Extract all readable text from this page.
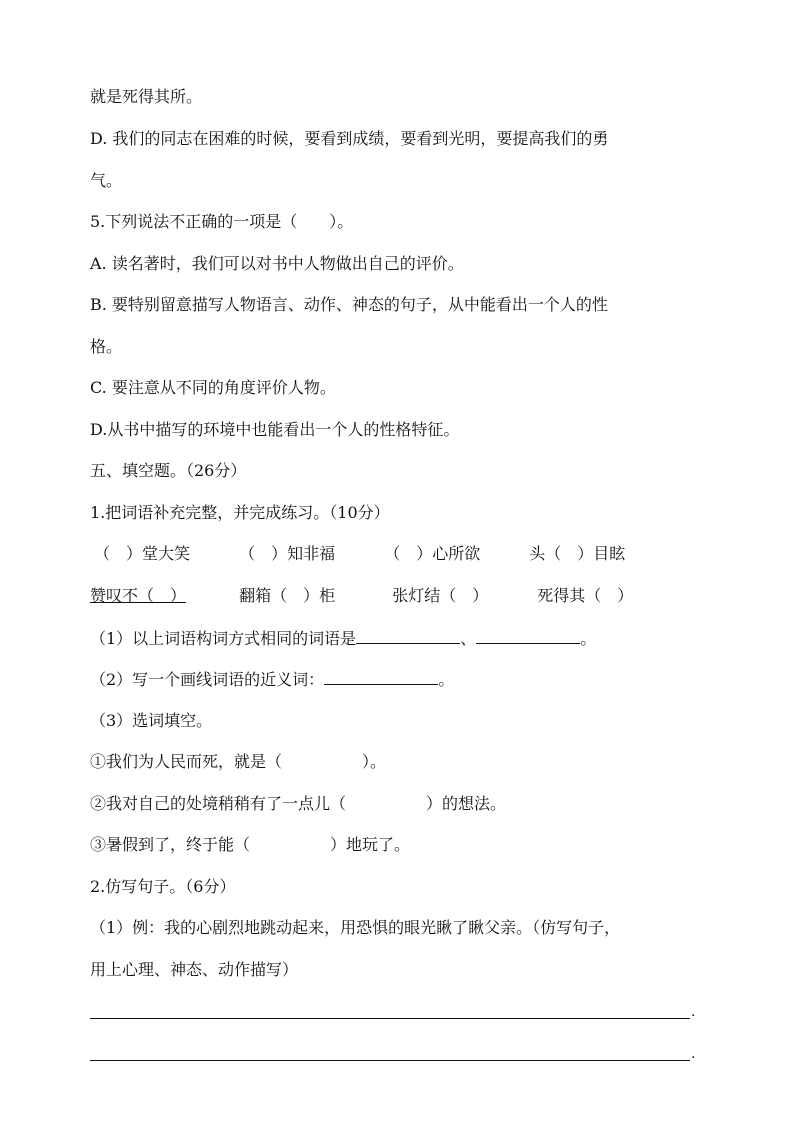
就是死得其所。
D. 我们的同志在困难的时候，要看到成绩，要看到光明，要提高我们的勇
气。
5.下列说法不正确的一项是（　　）。
A. 读名著时，我们可以对书中人物做出自己的评价。
B. 要特别留意描写人物语言、动作、神态的句子，从中能看出一个人的性
格。
C. 要注意从不同的角度评价人物。
D.从书中描写的环境中也能看出一个人的性格特征。
五、填空题。（26分）
1.把词语补充完整，并完成练习。（10分）
（　）堂大笑	（　）知非福	（　）心所欲	头（　）目眩
赞叹不（　）	翻箱（　）柜	张灯结（　）	死得其（　）
（1）以上词语构词方式相同的词语是	、	。
（2）写一个画线词语的近义词：	。
（3）选词填空。
①我们为人民而死，就是（　　　　　）。
②我对自己的处境稍稍有了一点儿（　　　　　）的想法。
③暑假到了，终于能（　　　　　）地玩了。
2.仿写句子。（6分）
（1）例：我的心剧烈地跳动起来，用恐惧的眼光瞅了瞅父亲。（仿写句子，
用上心理、神态、动作描写）
.
.
